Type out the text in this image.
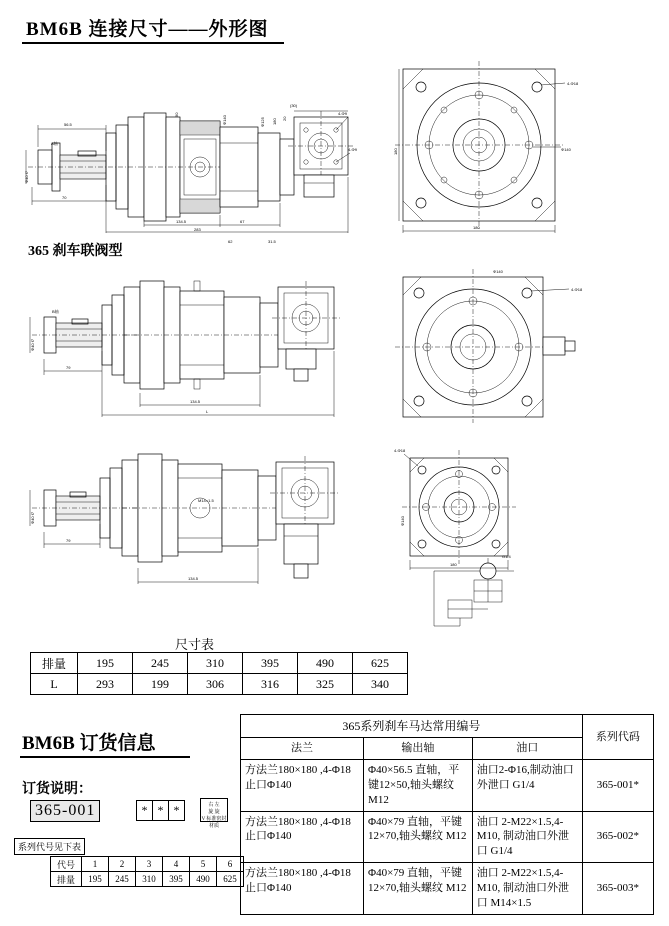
BM6B 连接尺寸——外形图
56.5
70
A轴
Φ40 f7
4-Φ9
4-Φ9
134.5	67
283
90
Φ140	Φ125 180 20
(30)
62	31.5
180
180
4-Φ18
Φ140
365 刹车联阀型
B轴
Φ40 f7
79
134.5
L
4-Φ18
Φ140
Φ40 f7
79
M14×1.5
134.5
4-Φ18
Φ140
180
G1/4
尺寸表
排量	195	245	310	395	490	625
L	293	199	306	316	325	340
BM6B 订货信息
订货说明：
365-001	* * *	右 左
旋 旋
V 标准密封材质
系列代号见下表
代号	1	2	3	4	5	6
排量	195	245	310	395	490	625
365系列刹车马达常用编号			系列代码
法兰	输出轴	油口	
方法兰180×180 ,4-Φ18 止口Φ140	Φ40×56.5 直轴，平键12×50,轴头螺纹 M12	油口2-Φ16,制动油口外泄口 G1/4	365-001*
方法兰180×180 ,4-Φ18 止口Φ140	Φ40×79 直轴，平键 12×70,轴头螺纹 M12	油口 2-M22×1.5,4-M10, 制动油口外泄口 G1/4	365-002*
方法兰180×180 ,4-Φ18 止口Φ140	Φ40×79 直轴，平键 12×70,轴头螺纹 M12	油口 2-M22×1.5,4-M10, 制动油口外泄口 M14×1.5	365-003*
